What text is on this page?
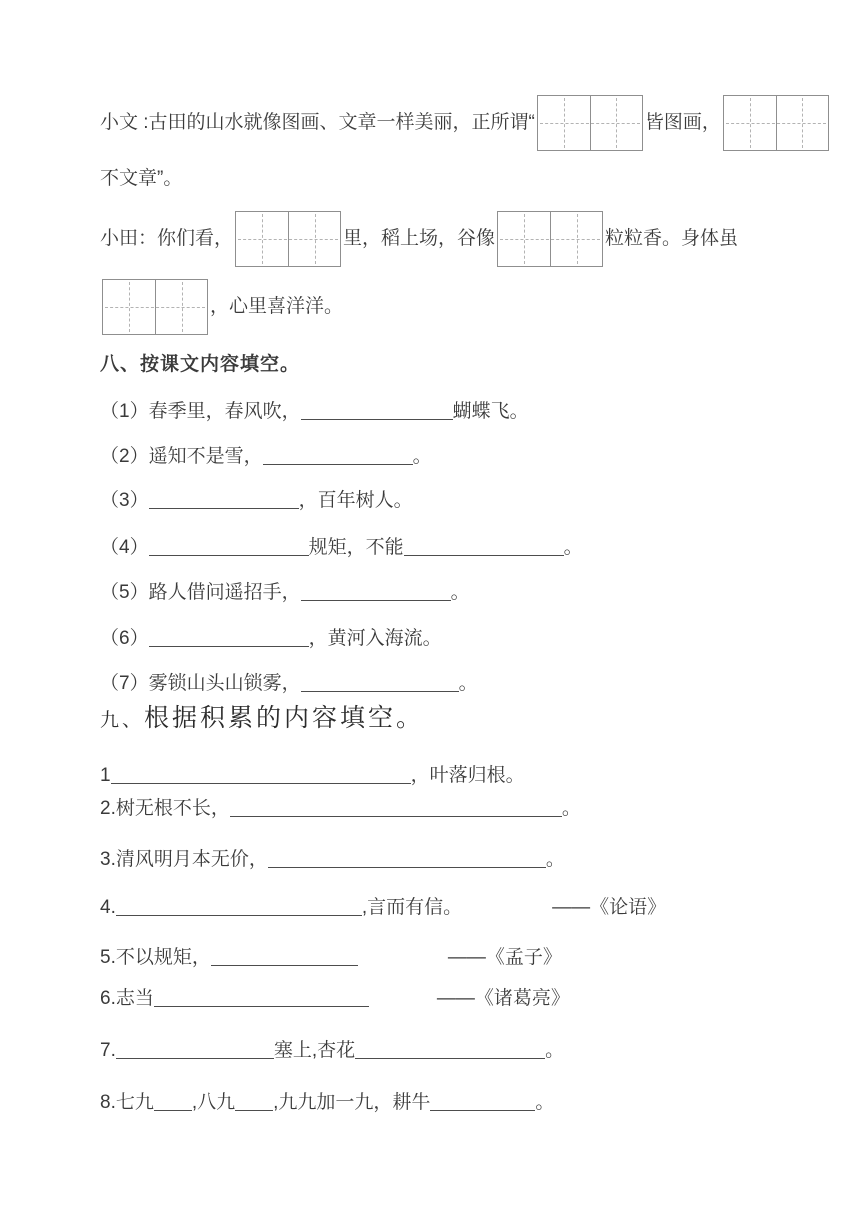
小文 :古田的山水就像图画、文章一样美丽，正所谓“	皆图画，
不文章”。
小田：你们看，	里，稻上场，谷像	粒粒香。身体虽
，心里喜洋洋。
八、按课文内容填空。
（1）春季里，春风吹，	蝴蝶飞。
（2）遥知不是雪，	。
（3）	，百年树人。
（4）	规矩，不能	。
（5）路人借问遥招手，	。
（6）	，黄河入海流。
（7）雾锁山头山锁雾，	。
九、根据积累的内容填空。
1	，叶落归根。
2.树无根不长，	。
3.清风明月本无价，	。
4.	,言而有信。	——《论语》
5.不以规矩，	——《孟子》
6.志当	——《诸葛亮》
7.	塞上,杏花	。
8.七九 ,八九 ,九九加一九，耕牛	。
